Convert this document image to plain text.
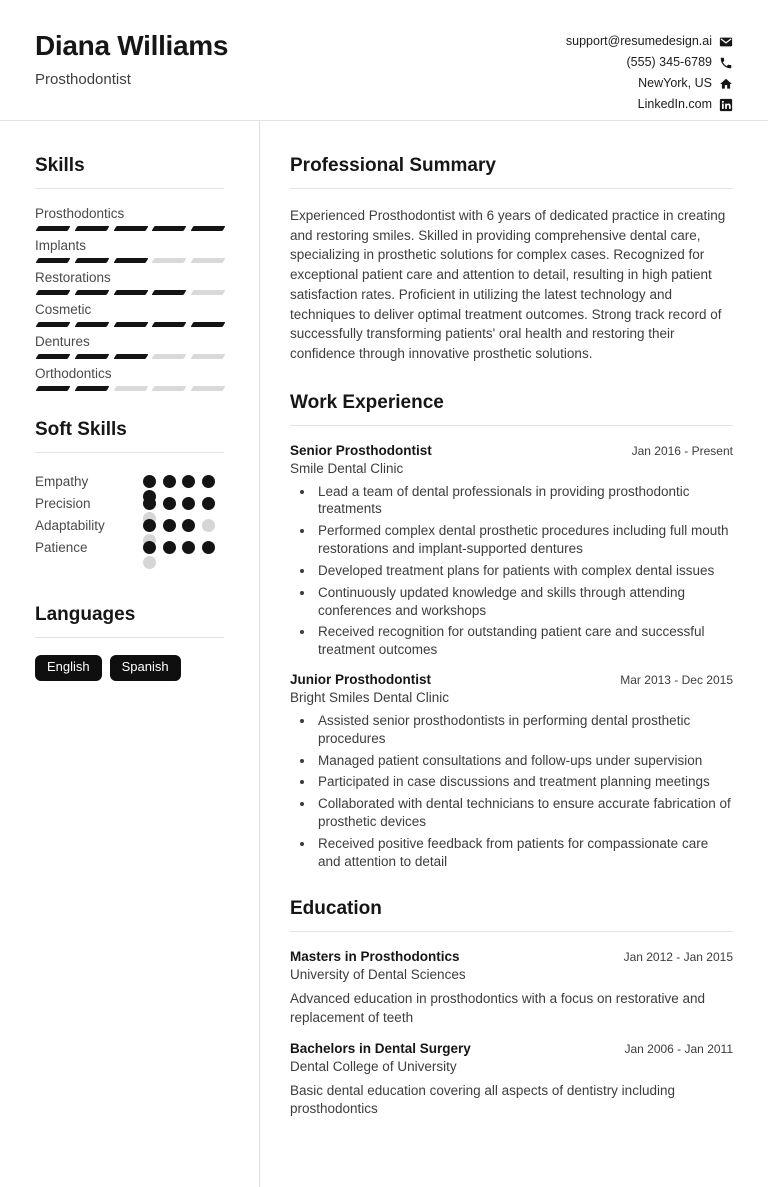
Diana Williams
Prosthodontist
support@resumedesign.ai
(555) 345-6789
NewYork, US
LinkedIn.com
Skills
Prosthodontics
Implants
Restorations
Cosmetic
Dentures
Orthodontics
Soft Skills
Empathy
Precision
Adaptability
Patience
Languages
English	Spanish
Professional Summary

Experienced Prosthodontist with 6 years of dedicated practice in creating and restoring smiles. Skilled in providing comprehensive dental care, specializing in prosthetic solutions for complex cases. Recognized for exceptional patient care and attention to detail, resulting in high patient satisfaction rates. Proficient in utilizing the latest technology and techniques to deliver optimal treatment outcomes. Strong track record of successfully transforming patients' oral health and restoring their confidence through innovative prosthetic solutions.

Work Experience
Senior Prosthodontist	Jan 2016 - Present
Smile Dental Clinic
• Lead a team of dental professionals in providing prosthodontic treatments
• Performed complex dental prosthetic procedures including full mouth restorations and implant-supported dentures
• Developed treatment plans for patients with complex dental issues
• Continuously updated knowledge and skills through attending conferences and workshops
• Received recognition for outstanding patient care and successful treatment outcomes
Junior Prosthodontist	Mar 2013 - Dec 2015
Bright Smiles Dental Clinic
• Assisted senior prosthodontists in performing dental prosthetic procedures
• Managed patient consultations and follow-ups under supervision
• Participated in case discussions and treatment planning meetings
• Collaborated with dental technicians to ensure accurate fabrication of prosthetic devices
• Received positive feedback from patients for compassionate care and attention to detail
Education
Masters in Prosthodontics	Jan 2012 - Jan 2015
University of Dental Sciences
Advanced education in prosthodontics with a focus on restorative and replacement of teeth
Bachelors in Dental Surgery	Jan 2006 - Jan 2011
Dental College of University
Basic dental education covering all aspects of dentistry including prosthodontics
